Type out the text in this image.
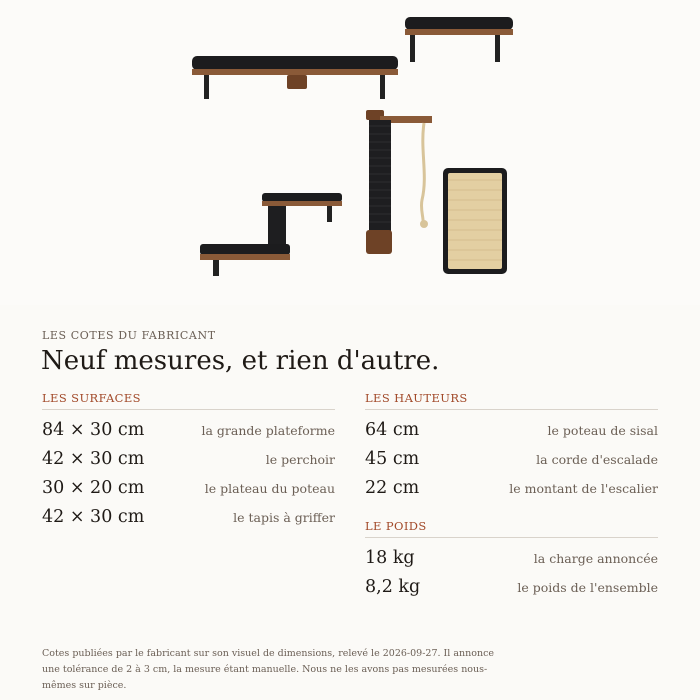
LES COTES DU FABRICANT
Neuf mesures, et rien d'autre.
LES SURFACES
84 × 30 cm	la grande plateforme
42 × 30 cm	le perchoir
30 × 20 cm	le plateau du poteau
42 × 30 cm	le tapis à griffer
LES HAUTEURS
64 cm	le poteau de sisal
45 cm	la corde d'escalade
22 cm	le montant de l'escalier
LE POIDS
18 kg	la charge annoncée
8,2 kg	le poids de l'ensemble

Cotes publiées par le fabricant sur son visuel de dimensions, relevé le 2026-09-27. Il annonce une tolérance de 2 à 3 cm, la mesure étant manuelle. Nous ne les avons pas mesurées nous-mêmes sur pièce.
